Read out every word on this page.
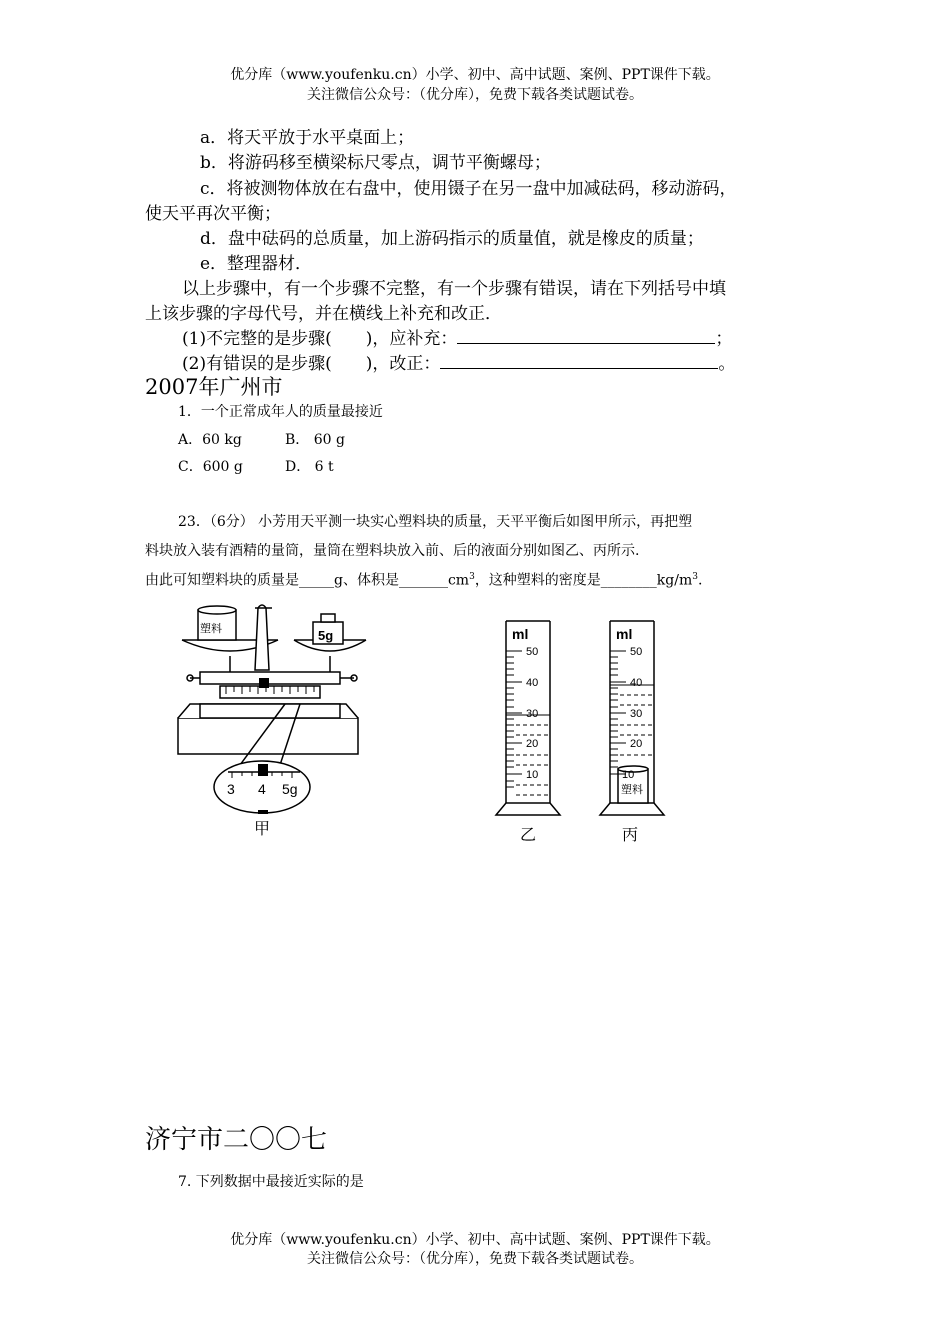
优分库（www.youfenku.cn）小学、初中、高中试题、案例、PPT课件下载。
关注微信公众号：（优分库），免费下载各类试题试卷。
a．将天平放于水平桌面上；
b．将游码移至横梁标尺零点，调节平衡螺母；
c．将被测物体放在右盘中，使用镊子在另一盘中加减砝码，移动游码，
使天平再次平衡；
d．盘中砝码的总质量，加上游码指示的质量值，就是橡皮的质量；
e．整理器材．
以上步骤中，有一个步骤不完整，有一个步骤有错误，请在下列括号中填
上该步骤的字母代号，并在横线上补充和改正．
(1)不完整的是步骤(　　)，应补充：	；
(2)有错误的是步骤(　　)，改正：	。
2007年广州市
1．一个正常成年人的质量最接近
A．60 kg	B． 60 g
C．600 g	D． 6 t
23．（6分） 小芳用天平测一块实心塑料块的质量，天平平衡后如图甲所示，再把塑
料块放入装有酒精的量筒，量筒在塑料块放入前、后的液面分别如图乙、丙所示.
由此可知塑料块的质量是_____g、体积是$\_\_\_\_\_\_\_cm^3$，这种塑料的密度是$\_\_\_\_\_\_\_\_kg/m^3$.
塑料	5g
3 4 5g
甲
ml
50
40
30
20
10
乙
ml
50
40
30
20
10
塑料
丙
济宁市二〇〇七
7. 下列数据中最接近实际的是
优分库（www.youfenku.cn）小学、初中、高中试题、案例、PPT课件下载。
关注微信公众号：（优分库），免费下载各类试题试卷。
